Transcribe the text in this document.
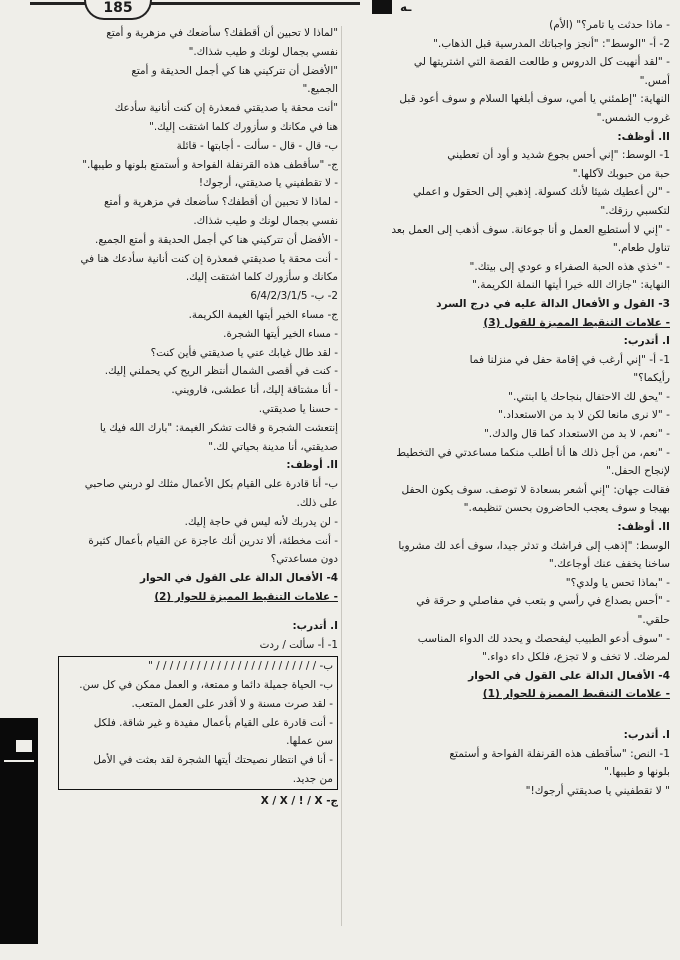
185	ـه
- ماذا حدثت يا تامر؟" (الأم)
2- أ- "الوسط": "أنجز واجباتك المدرسية قبل الذهاب."
- "لقد أنهيت كل الدروس و طالعت القصة التي اشتريتها لي
أمس."
النهاية: "إطمئني يا أمي، سوف أبلغها السلام و سوف أعود قبل
غروب الشمس."
II. أوظف:
1- الوسط: "إني أحس بجوع شديد و أود أن تعطيني
حبة من حبوبك لآكلها."
- "لن أعطيك شيئا لأنك كسولة. إذهبي إلى الحقول و اعملي
لتكسبي رزقك."
- "إني لا أستطيع العمل و أنا جوعانة. سوف أذهب إلى العمل بعد
تناول طعام."
- "خذي هذه الحبة الصفراء و عودي إلى بيتك."
النهاية: "جازاك الله خيرا أيتها النملة الكريمة."
3- القول و الأفعال الدالة عليه في درج السرد
- علامات التنقيط المميزة للقول (3)
I. أتدرب:
1- أ- "إني أرغب في إقامة حفل في منزلنا فما
رأيكما؟"
- "يحق لك الاحتفال بنجاحك يا ابنتي."
- "لا نرى مانعا لكن لا بد من الاستعداد."
- "نعم، لا بد من الاستعداد كما قال والدك."
- "نعم، من أجل ذلك ها أنا أطلب منكما مساعدتي في التخطيط
لإنجاح الحفل."
فقالت جهان: "إني أشعر بسعادة لا توصف. سوف يكون الحفل
بهيجا و سوف يعجب الحاضرون بحسن تنظيمه."
II. أوظف:
الوسط: "إذهب إلى فراشك و تدثر جيدا، سوف أعد لك مشروبا
ساخنا يخفف عنك أوجاعك."
- "بماذا تحس يا ولدي؟"
- "أحس بصداع في رأسي و بتعب في مفاصلي و حرقة في
حلقي."
- "سوف أدعو الطبيب ليفحصك و يحدد لك الدواء المناسب
لمرضك. لا تخف و لا تجزع، فلكل داء دواء."
4- الأفعال الدالة على القول في الحوار
- علامات التنقيط المميزة للحوار (1)
I. أتدرب:
1- النص: "سأقطف هذه القرنفلة الفواحة و أستمتع
بلونها و طيبها."
" لا تقطفيني يا صديقتي أرجوك!"
"لماذا لا تحبين أن أقطفك؟ سأضعك في مزهرية و أمتع
نفسي بجمال لونك و طيب شذاك."
"الأفضل أن تتركيني هنا كي أجمل الحديقة و أمتع
الجميع."
"أنت محقة يا صديقتي فمعذرة إن كنت أنانية سأدعك
هنا في مكانك و سأزورك كلما اشتقت إليك."
ب- قال - قال - سألت - أجابتها - قائلة
ج- "سأقطف هذه القرنفلة الفواحة و أستمتع بلونها و طيبها."
- لا تقطفيني يا صديقتي، أرجوك!
- لماذا لا تحبين أن أقطفك؟ سأضعك في مزهرية و أمتع
نفسي بجمال لونك و طيب شذاك.
- الأفضل أن تتركيني هنا كي أجمل الحديقة و أمتع الجميع.
- أنت محقة يا صديقتي فمعذرة إن كنت أنانية سأدعك هنا في
مكانك و سأزورك كلما اشتقت إليك.
2- ب- 6/4/2/3/1/5
ج- مساء الخير أيتها الغيمة الكريمة.
- مساء الخير أيتها الشجرة.
- لقد طال غيابك عني يا صديقتي فأين كنت؟
- كنت في أقصى الشمال أنتظر الريح كي يحملني إليك.
- أنا مشتاقة إليك، أنا عطشى، فارويني.
- حسنا يا صديقتي.
إنتعشت الشجرة و قالت تشكر الغيمة: "بارك الله فيك يا
صديقتي، أنا مدينة بحياتي لك."
II. أوظف:
ب- أنا قادرة على القيام بكل الأعمال مثلك لو دربني صاحبي
على ذلك.
- لن يدربك لأنه ليس في حاجة إليك.
- أنت مخطئة، ألا تدرين أنك عاجزة عن القيام بأعمال كثيرة
دون مساعدتي؟
4- الأفعال الدالة على القول في الحوار
- علامات التنقيط المميزة للحوار (2)
I. أتدرب:
1- أ- سألت / ردت
ب- / / / / / / / / / / / / / / / / / / / / / / / / "
ب- الحياة جميلة دائما و ممتعة، و العمل ممكن في كل سن.
- لقد صرت مسنة و لا أقدر على العمل المتعب.
- أنت قادرة على القيام بأعمال مفيدة و غير شاقة. فلكل
سن عملها.
- أنا في انتظار نصيحتك أيتها الشجرة لقد بعثت في الأمل
من جديد.
ج- X / X / ! / X
